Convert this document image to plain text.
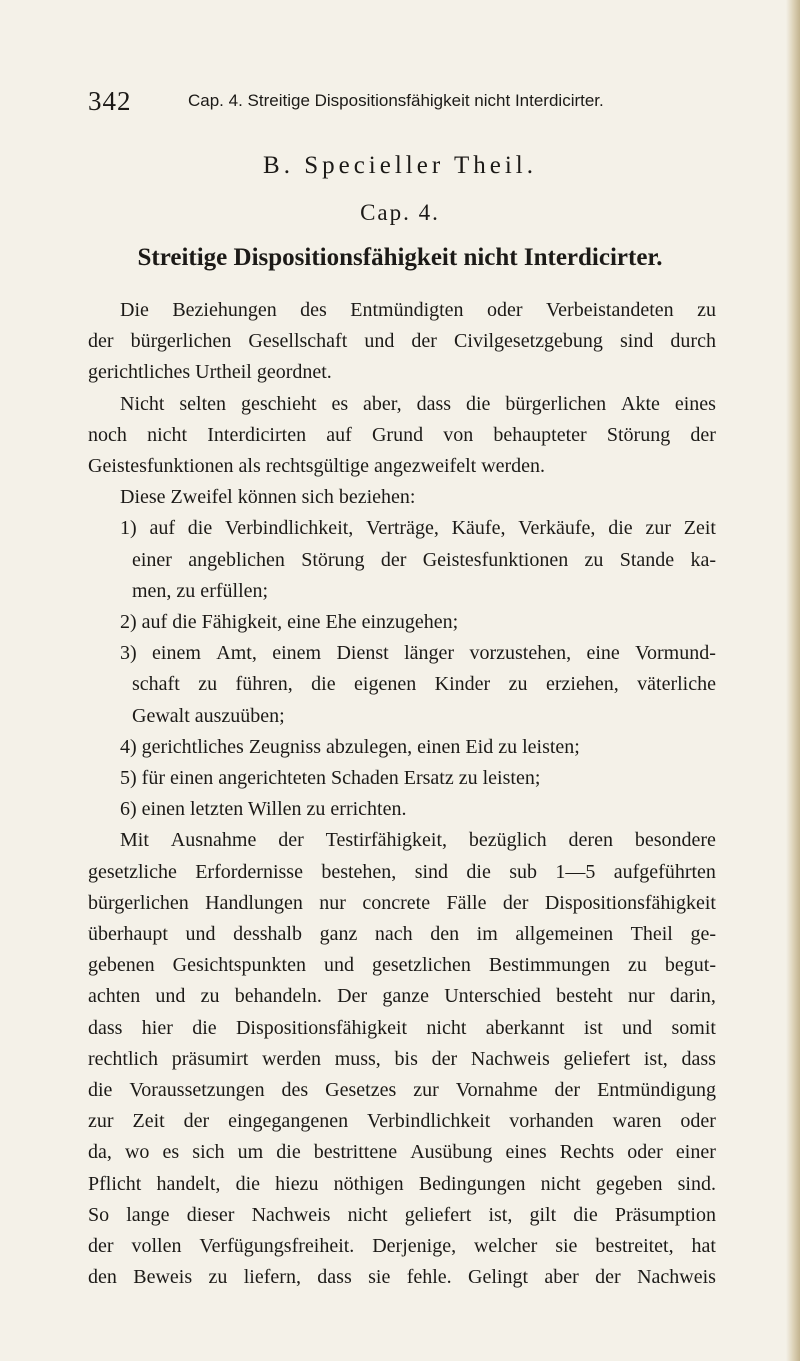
342	Cap. 4. Streitige Dispositionsfähigkeit nicht Interdicirter.
B. Specieller Theil.
Cap. 4.
Streitige Dispositionsfähigkeit nicht Interdicirter.
Die Beziehungen des Entmündigten oder Verbeistandeten zu
der bürgerlichen Gesellschaft und der Civilgesetzgebung sind durch
gerichtliches Urtheil geordnet.
Nicht selten geschieht es aber, dass die bürgerlichen Akte eines
noch nicht Interdicirten auf Grund von behaupteter Störung der
Geistesfunktionen als rechtsgültige angezweifelt werden.
Diese Zweifel können sich beziehen:
1) auf die Verbindlichkeit, Verträge, Käufe, Verkäufe, die zur Zeit
einer angeblichen Störung der Geistesfunktionen zu Stande ka-
men, zu erfüllen;
2) auf die Fähigkeit, eine Ehe einzugehen;
3) einem Amt, einem Dienst länger vorzustehen, eine Vormund-
schaft zu führen, die eigenen Kinder zu erziehen, väterliche
Gewalt auszuüben;
4) gerichtliches Zeugniss abzulegen, einen Eid zu leisten;
5) für einen angerichteten Schaden Ersatz zu leisten;
6) einen letzten Willen zu errichten.
Mit Ausnahme der Testirfähigkeit, bezüglich deren besondere
gesetzliche Erfordernisse bestehen, sind die sub 1—5 aufgeführten
bürgerlichen Handlungen nur concrete Fälle der Dispositionsfähigkeit
überhaupt und desshalb ganz nach den im allgemeinen Theil ge-
gebenen Gesichtspunkten und gesetzlichen Bestimmungen zu begut-
achten und zu behandeln. Der ganze Unterschied besteht nur darin,
dass hier die Dispositionsfähigkeit nicht aberkannt ist und somit
rechtlich präsumirt werden muss, bis der Nachweis geliefert ist, dass
die Voraussetzungen des Gesetzes zur Vornahme der Entmündigung
zur Zeit der eingegangenen Verbindlichkeit vorhanden waren oder
da, wo es sich um die bestrittene Ausübung eines Rechts oder einer
Pflicht handelt, die hiezu nöthigen Bedingungen nicht gegeben sind.
So lange dieser Nachweis nicht geliefert ist, gilt die Präsumption
der vollen Verfügungsfreiheit. Derjenige, welcher sie bestreitet, hat
den Beweis zu liefern, dass sie fehle. Gelingt aber der Nachweis
